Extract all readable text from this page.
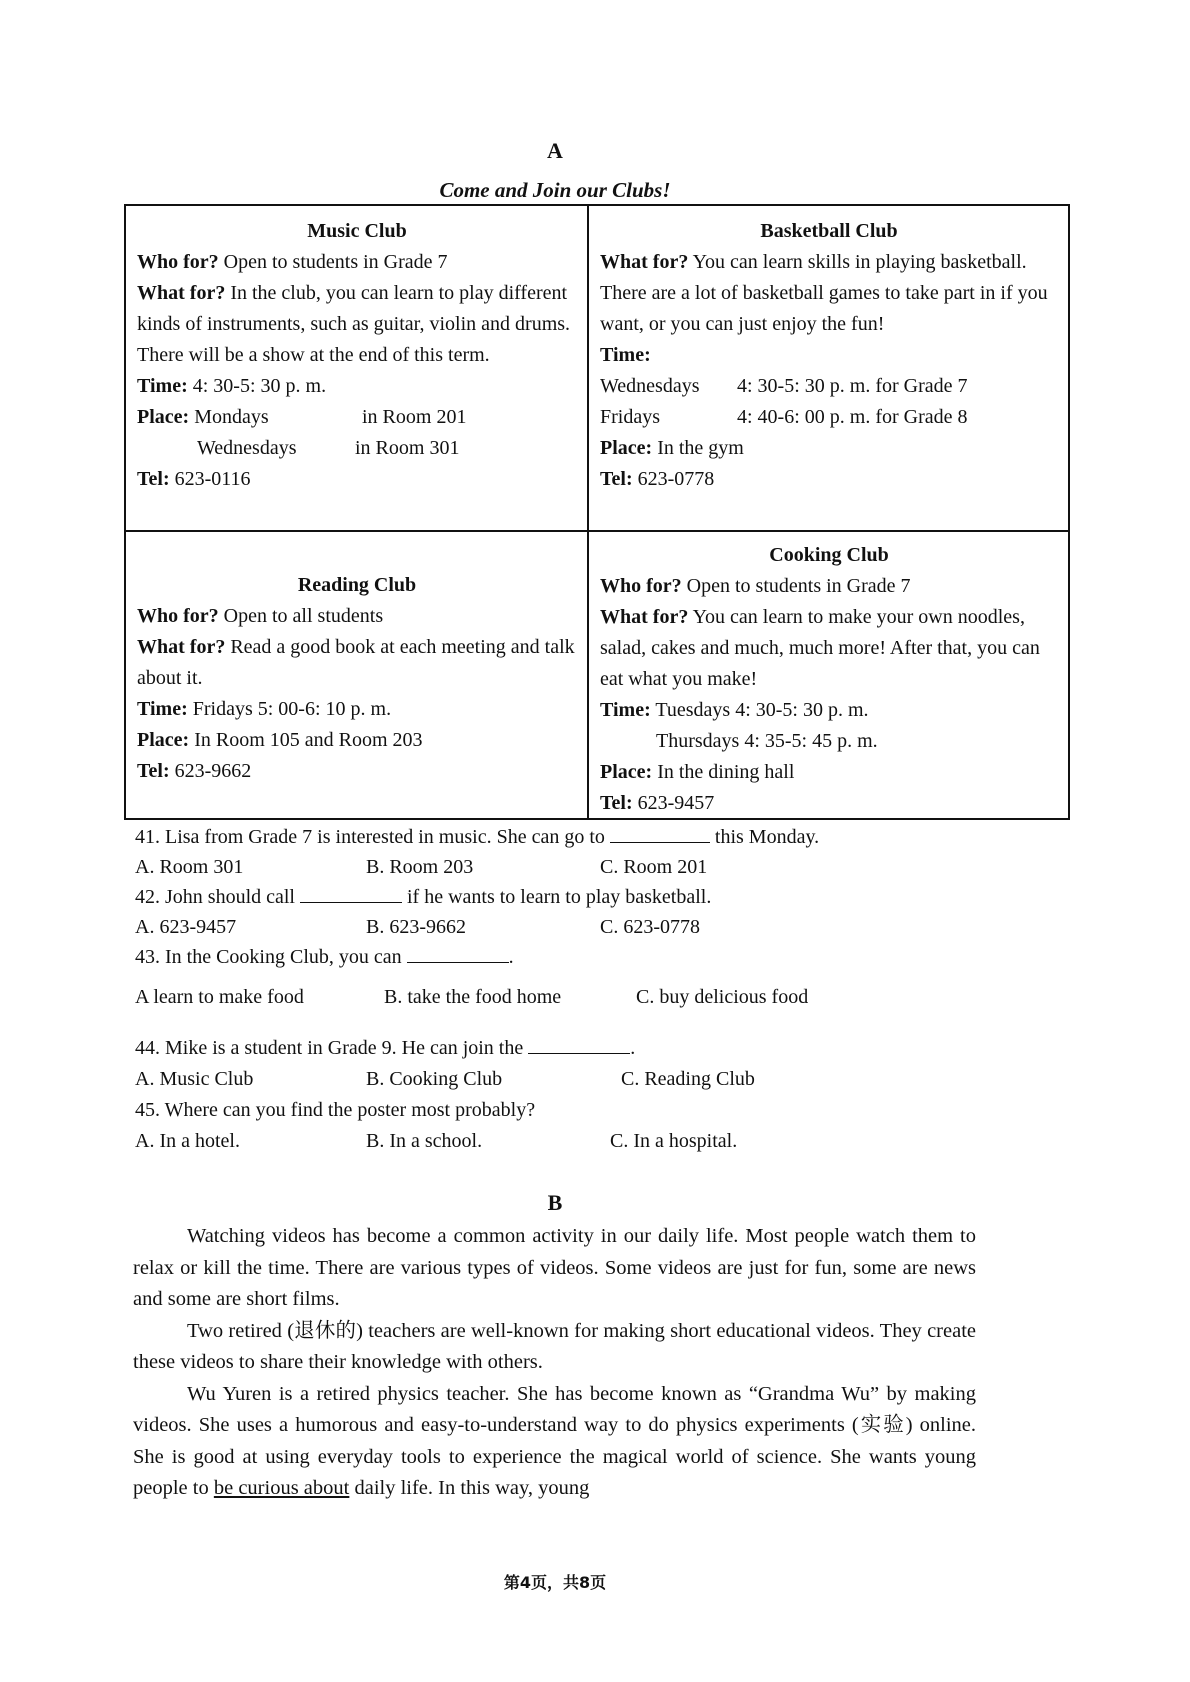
A
Come and Join our Clubs!
Music Club
Who for? Open to students in Grade 7
What for? In the club, you can learn to play different kinds of instruments, such as guitar, violin and drums. There will be a show at the end of this term.
Time: 4: 30-5: 30 p. m.
Place: Mondays	in Room 201
Wednesdays	in Room 301
Tel: 623-0116
Basketball Club
What for? You can learn skills in playing basketball. There are a lot of basketball games to take part in if you want, or you can just enjoy the fun!
Time:
Wednesdays	4: 30-5: 30 p. m. for Grade 7
Fridays	4: 40-6: 00 p. m. for Grade 8
Place: In the gym
Tel: 623-0778
Reading Club
Who for? Open to all students
What for? Read a good book at each meeting and talk about it.
Time: Fridays 5: 00-6: 10 p. m.
Place: In Room 105 and Room 203
Tel: 623-9662
Cooking Club
Who for? Open to students in Grade 7
What for? You can learn to make your own noodles, salad, cakes and much, much more! After that, you can eat what you make!
Time: Tuesdays 4: 30-5: 30 p. m.
Thursdays 4: 35-5: 45 p. m.
Place: In the dining hall
Tel: 623-9457
41. Lisa from Grade 7 is interested in music. She can go to	this Monday.
A. Room 301	B. Room 203	C. Room 201
42. John should call	if he wants to learn to play basketball.
A. 623-9457	B. 623-9662	C. 623-0778
43. In the Cooking Club, you can	.
A learn to make food	B. take the food home	C. buy delicious food
44. Mike is a student in Grade 9. He can join the	.
A. Music Club	B. Cooking Club	C. Reading Club
45. Where can you find the poster most probably?
A. In a hotel.	B. In a school.	C. In a hospital.
B

Watching videos has become a common activity in our daily life. Most people watch them to relax or kill the time. There are various types of videos. Some videos are just for fun, some are news and some are short films.

Two retired (退休的) teachers are well-known for making short educational videos. They create these videos to share their knowledge with others.

Wu Yuren is a retired physics teacher. She has become known as “Grandma Wu” by making videos. She uses a humorous and easy-to-understand way to do physics experiments (实验) online. She is good at using everyday tools to experience the magical world of science. She wants young people to be curious about daily life. In this way, young

第4页，共8页
